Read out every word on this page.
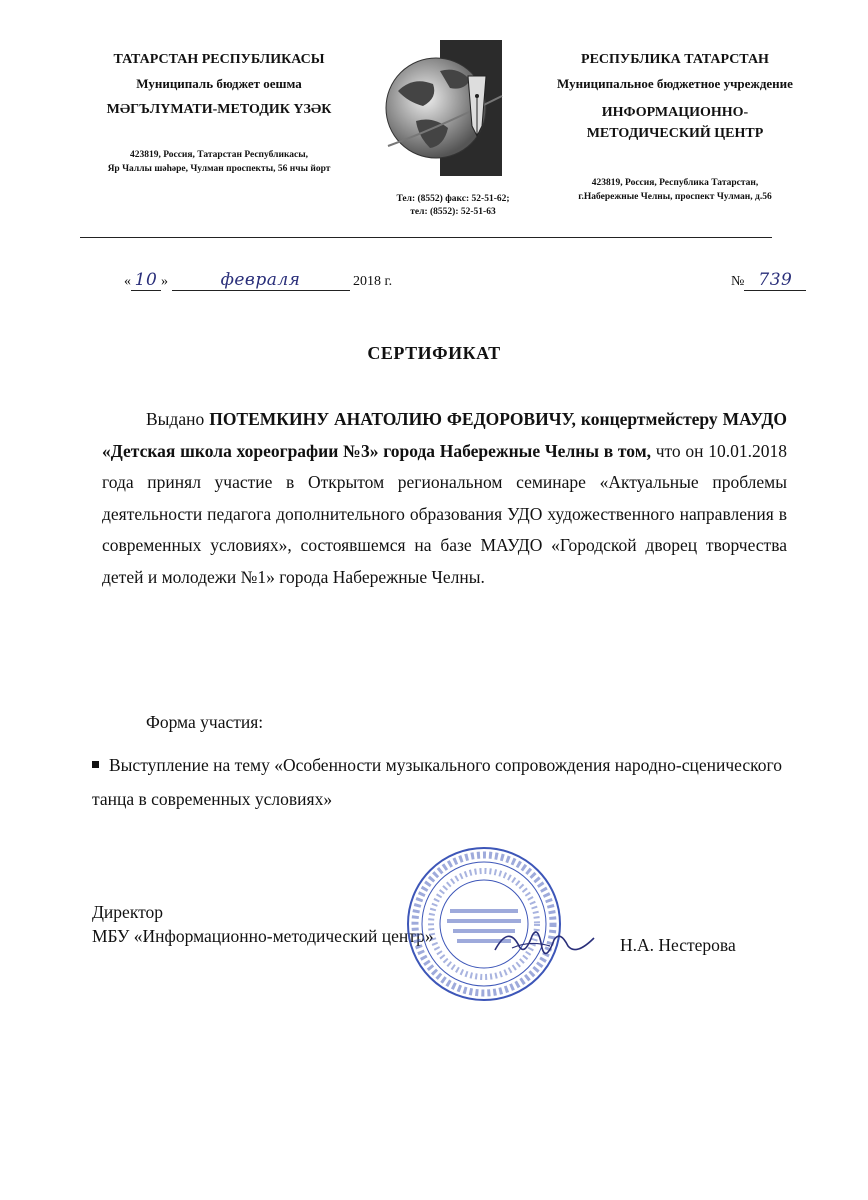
ТАТАРСТАН РЕСПУБЛИКАСЫ
Муниципаль бюджет оешма
МӘГЪЛҮМАТИ-МЕТОДИК ҮЗӘК
423819, Россия, Татарстан Республикасы,
Яр Чаллы шәһәре, Чулман проспекты, 56 нчы йорт
Тел: (8552) факс: 52-51-62;
тел: (8552): 52-51-63
РЕСПУБЛИКА ТАТАРСТАН
Муниципальное бюджетное учреждение
ИНФОРМАЦИОННО-
МЕТОДИЧЕСКИЙ ЦЕНТР
423819, Россия, Республика Татарстан,
г.Набережные Челны, проспект Чулман, д.56
« 10 »	февраля	2018 г.	№ 739
СЕРТИФИКАТ

Выдано ПОТЕМКИНУ АНАТОЛИЮ ФЕДОРОВИЧУ, концертмейстеру МАУДО «Детская школа хореографии №3» города Набережные Челны в том, что он 10.01.2018 года принял участие в Открытом региональном семинаре «Актуальные проблемы деятельности педагога дополнительного образования УДО художественного направления в современных условиях», состоявшемся на базе МАУДО «Городской дворец творчества детей и молодежи №1» города Набережные Челны.

Форма участия:
Выступление на тему «Особенности музыкального сопровождения народно-сценического танца в современных условиях»
Директор
МБУ «Информационно-методический центр»	Н.А. Нестерова
